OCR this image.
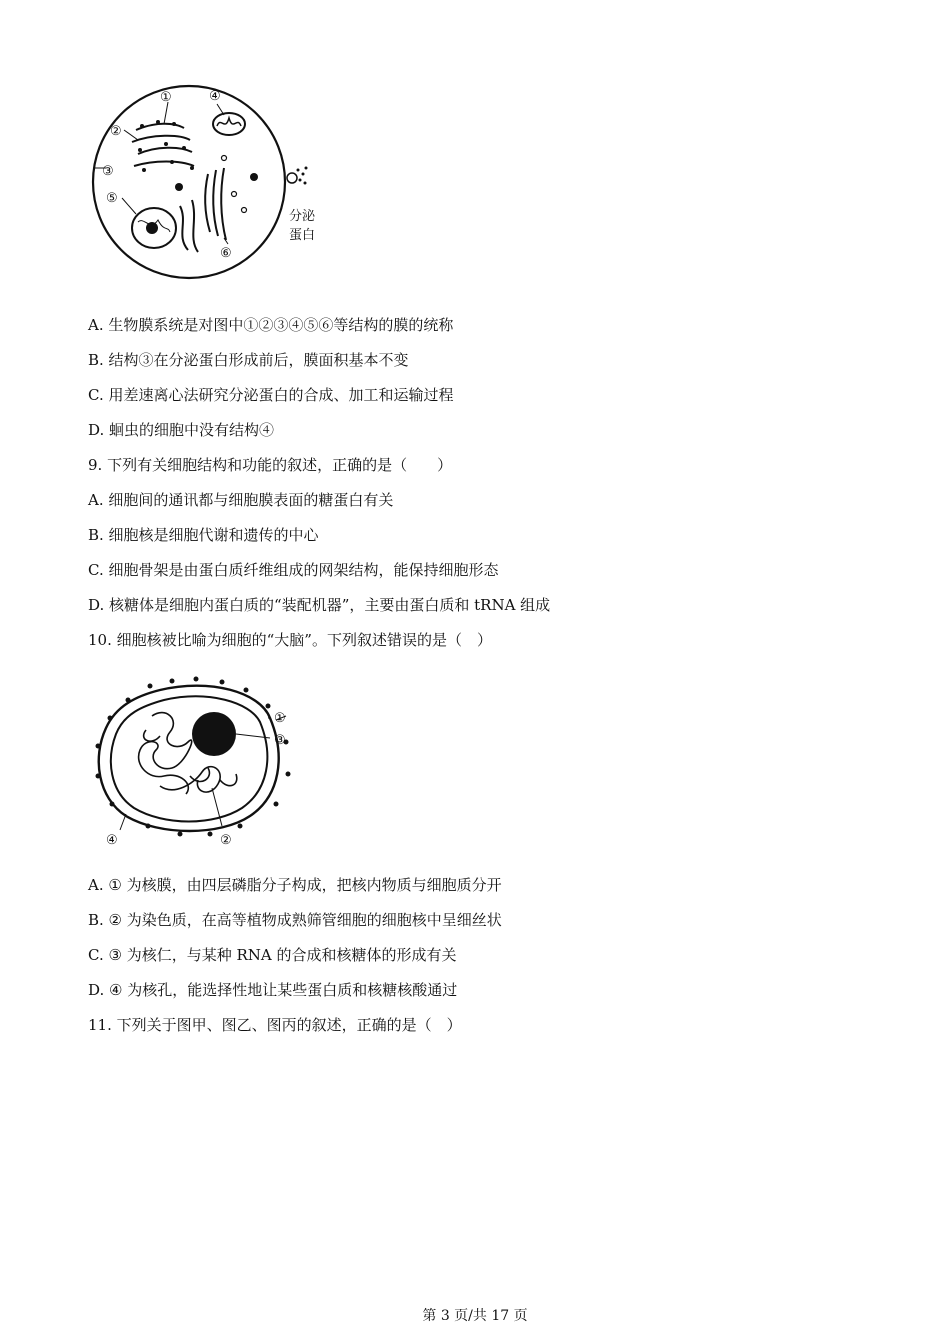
①
②
③
④
⑤
⑥
分泌
蛋白
A. 生物膜系统是对图中①②③④⑤⑥等结构的膜的统称
B. 结构③在分泌蛋白形成前后，膜面积基本不变
C. 用差速离心法研究分泌蛋白的合成、加工和运输过程
D. 蛔虫的细胞中没有结构④
9. 下列有关细胞结构和功能的叙述，正确的是（　　）
A. 细胞间的通讯都与细胞膜表面的糖蛋白有关
B. 细胞核是细胞代谢和遗传的中心
C. 细胞骨架是由蛋白质纤维组成的网架结构，能保持细胞形态
D. 核糖体是细胞内蛋白质的“装配机器”，主要由蛋白质和 tRNA 组成
10. 细胞核被比喻为细胞的“大脑”。下列叙述错误的是（　）
①
③
④	②
A. ① 为核膜，由四层磷脂分子构成，把核内物质与细胞质分开
B. ② 为染色质，在高等植物成熟筛管细胞的细胞核中呈细丝状
C. ③ 为核仁，与某种 RNA 的合成和核糖体的形成有关
D. ④ 为核孔，能选择性地让某些蛋白质和核糖核酸通过
11. 下列关于图甲、图乙、图丙的叙述，正确的是（　）
第 3 页/共 17 页
